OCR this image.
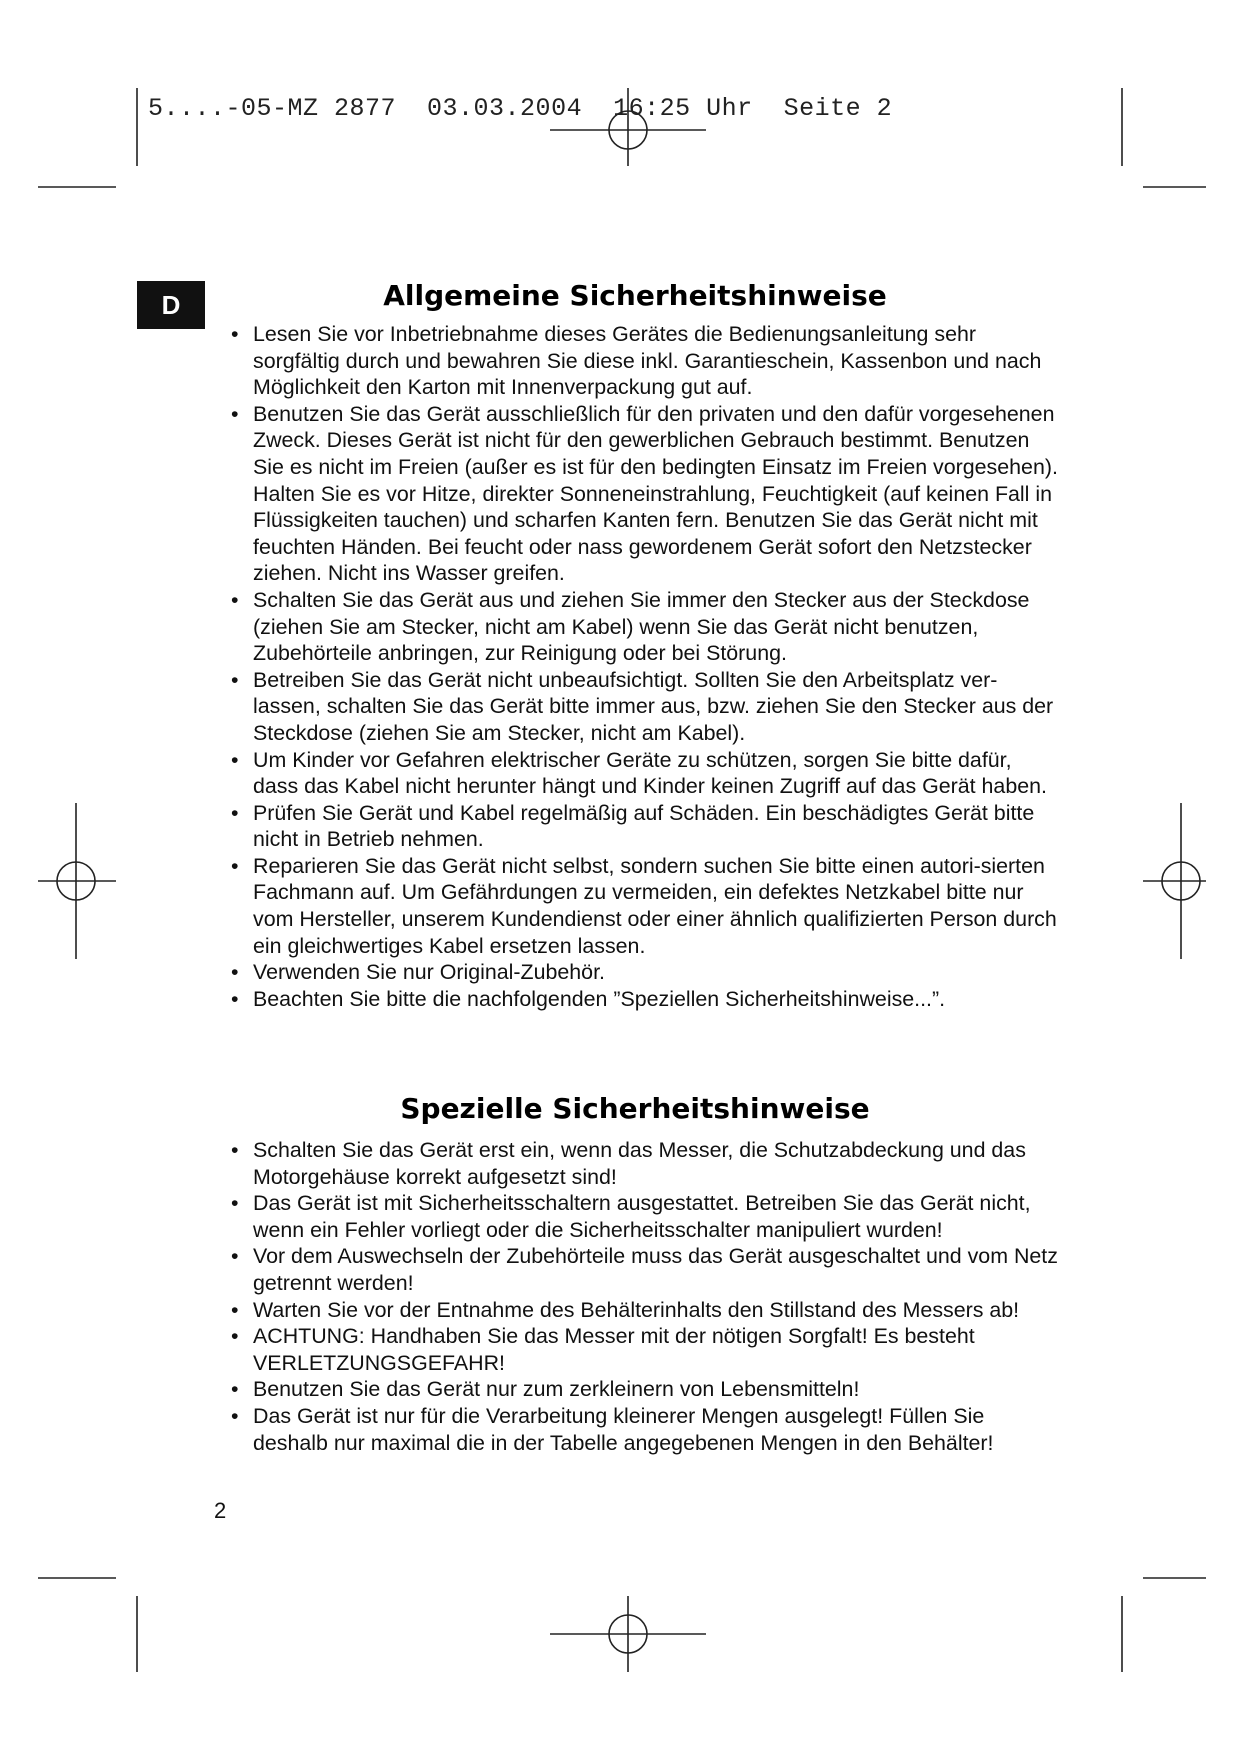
5....-05-MZ 2877  03.03.2004  16:25 Uhr  Seite 2
D	Allgemeine Sicherheitshinweise
• Lesen Sie vor Inbetriebnahme dieses Gerätes die Bedienungsanleitung sehr sorgfältig durch und bewahren Sie diese inkl. Garantieschein, Kassenbon und nach Möglichkeit den Karton mit Innenverpackung gut auf.
• Benutzen Sie das Gerät ausschließlich für den privaten und den dafür vorgesehenen Zweck. Dieses Gerät ist nicht für den gewerblichen Gebrauch bestimmt. Benutzen Sie es nicht im Freien (außer es ist für den bedingten Einsatz im Freien vorgesehen). Halten Sie es vor Hitze, direkter Sonneneinstrahlung, Feuchtigkeit (auf keinen Fall in Flüssigkeiten tauchen) und scharfen Kanten fern. Benutzen Sie das Gerät nicht mit feuchten Händen. Bei feucht oder nass gewordenem Gerät sofort den Netzstecker ziehen. Nicht ins Wasser greifen.
• Schalten Sie das Gerät aus und ziehen Sie immer den Stecker aus der Steckdose (ziehen Sie am Stecker, nicht am Kabel) wenn Sie das Gerät nicht benutzen, Zubehörteile anbringen, zur Reinigung oder bei Störung.
• Betreiben Sie das Gerät nicht unbeaufsichtigt. Sollten Sie den Arbeitsplatz ver-lassen, schalten Sie das Gerät bitte immer aus, bzw. ziehen Sie den Stecker aus der Steckdose (ziehen Sie am Stecker, nicht am Kabel).
• Um Kinder vor Gefahren elektrischer Geräte zu schützen, sorgen Sie bitte dafür, dass das Kabel nicht herunter hängt und Kinder keinen Zugriff auf das Gerät haben.
• Prüfen Sie Gerät und Kabel regelmäßig auf Schäden. Ein beschädigtes Gerät bitte nicht in Betrieb nehmen.
• Reparieren Sie das Gerät nicht selbst, sondern suchen Sie bitte einen autori-sierten Fachmann auf. Um Gefährdungen zu vermeiden, ein defektes Netzkabel bitte nur vom Hersteller, unserem Kundendienst oder einer ähnlich qualifizierten Person durch ein gleichwertiges Kabel ersetzen lassen.
• Verwenden Sie nur Original-Zubehör.
• Beachten Sie bitte die nachfolgenden ”Speziellen Sicherheitshinweise...”.
Spezielle Sicherheitshinweise
• Schalten Sie das Gerät erst ein, wenn das Messer, die Schutzabdeckung und das Motorgehäuse korrekt aufgesetzt sind!
• Das Gerät ist mit Sicherheitsschaltern ausgestattet. Betreiben Sie das Gerät nicht, wenn ein Fehler vorliegt oder die Sicherheitsschalter manipuliert wurden!
• Vor dem Auswechseln der Zubehörteile muss das Gerät ausgeschaltet und vom Netz getrennt werden!
• Warten Sie vor der Entnahme des Behälterinhalts den Stillstand des Messers ab!
• ACHTUNG: Handhaben Sie das Messer mit der nötigen Sorgfalt! Es besteht VERLETZUNGSGEFAHR!
• Benutzen Sie das Gerät nur zum zerkleinern von Lebensmitteln!
• Das Gerät ist nur für die Verarbeitung kleinerer Mengen ausgelegt! Füllen Sie deshalb nur maximal die in der Tabelle angegebenen Mengen in den Behälter!
2
